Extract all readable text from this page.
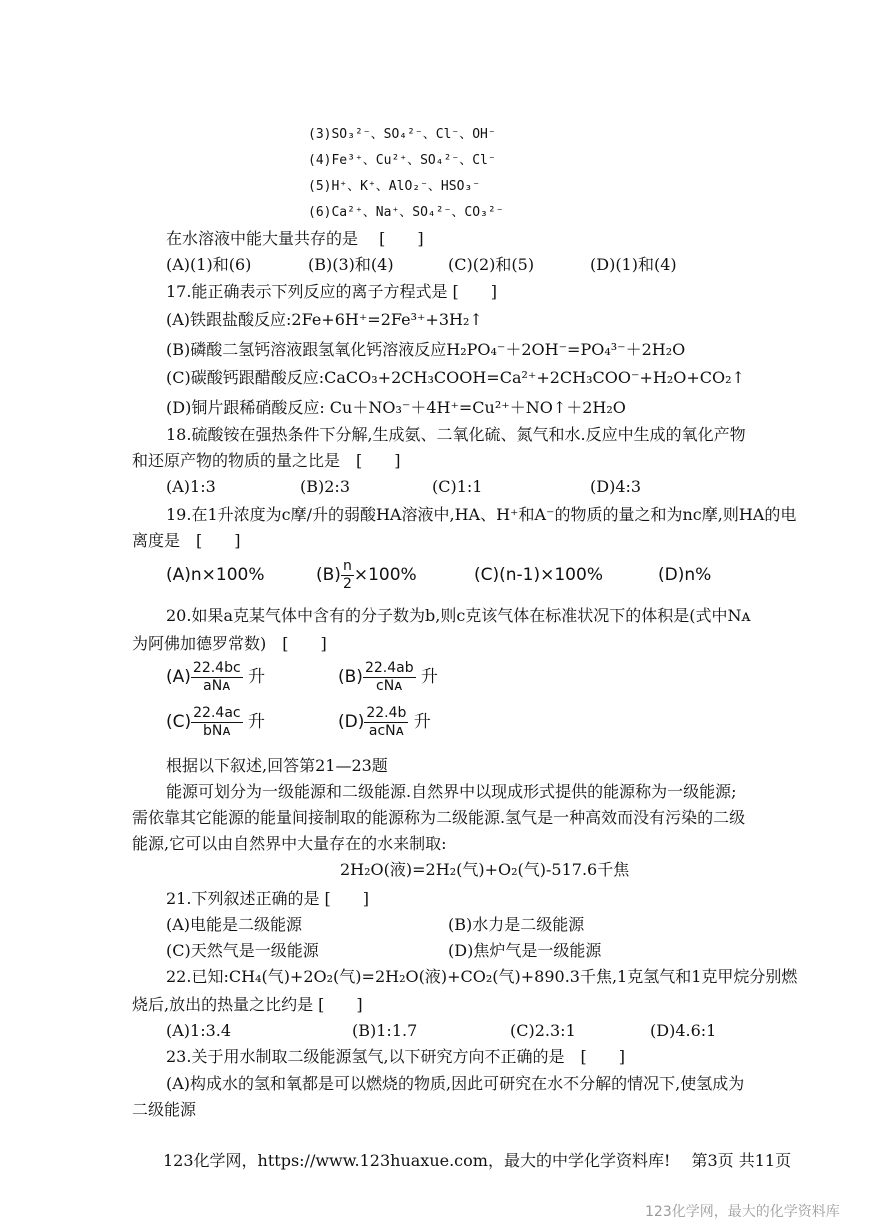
(3)SO₃²⁻、SO₄²⁻、Cl⁻、OH⁻
(4)Fe³⁺、Cu²⁺、SO₄²⁻、Cl⁻
(5)H⁺、K⁺、AlO₂⁻、HSO₃⁻
(6)Ca²⁺、Na⁺、SO₄²⁻、CO₃²⁻
在水溶液中能大量共存的是　 [　　]
(A)(1)和(6)	(B)(3)和(4)	(C)(2)和(5)	(D)(1)和(4)
17.能正确表示下列反应的离子方程式是 [　　]
(A)铁跟盐酸反应:2Fe+6H⁺=2Fe³⁺+3H₂↑
(B)磷酸二氢钙溶液跟氢氧化钙溶液反应H₂PO₄⁻＋2OH⁻=PO₄³⁻＋2H₂O
(C)碳酸钙跟醋酸反应:CaCO₃+2CH₃COOH=Ca²⁺+2CH₃COO⁻+H₂O+CO₂↑
(D)铜片跟稀硝酸反应: Cu＋NO₃⁻＋4H⁺=Cu²⁺＋NO↑＋2H₂O
18.硫酸铵在强热条件下分解,生成氨、二氧化硫、氮气和水.反应中生成的氧化产物
和还原产物的物质的量之比是　[　　]
(A)1:3	(B)2:3	(C)1:1	(D)4:3
19.在1升浓度为c摩/升的弱酸HA溶液中,HA、H⁺和A⁻的物质的量之和为nc摩,则HA的电
离度是　[　　]
(A)n×100%	$(B) \frac{n}{2} \times 100\%$	(C)(n-1)×100%	(D)n%
20.如果a克某气体中含有的分子数为b,则c克该气体在标准状况下的体积是(式中Nᴀ
为阿佛加德罗常数)　[　　]
$(A) \frac{22.4bc}{\text{aNᴀ}}$ 升	$(B) \frac{22.4ab}{\text{cNᴀ}}$ 升
$(C) \frac{22.4ac}{\text{bNᴀ}}$ 升	$(D) \frac{22.4b}{\text{acNᴀ}}$ 升
根据以下叙述,回答第21—23题
能源可划分为一级能源和二级能源.自然界中以现成形式提供的能源称为一级能源;
需依靠其它能源的能量间接制取的能源称为二级能源.氢气是一种高效而没有污染的二级
能源,它可以由自然界中大量存在的水来制取:
2H₂O(液)=2H₂(气)+O₂(气)-517.6千焦
21.下列叙述正确的是 [　　]
(A)电能是二级能源	(B)水力是二级能源
(C)天然气是一级能源	(D)焦炉气是一级能源
22.已知:CH₄(气)+2O₂(气)=2H₂O(液)+CO₂(气)+890.3千焦,1克氢气和1克甲烷分别燃
烧后,放出的热量之比约是 [　　]
(A)1:3.4	(B)1:1.7	(C)2.3:1	(D)4.6:1
23.关于用水制取二级能源氢气,以下研究方向不正确的是　[　　]
(A)构成水的氢和氧都是可以燃烧的物质,因此可研究在水不分解的情况下,使氢成为
二级能源
123化学网，https://www.123huaxue.com，最大的中学化学资料库!　 第3页 共11页
123化学网，最大的化学资料库
